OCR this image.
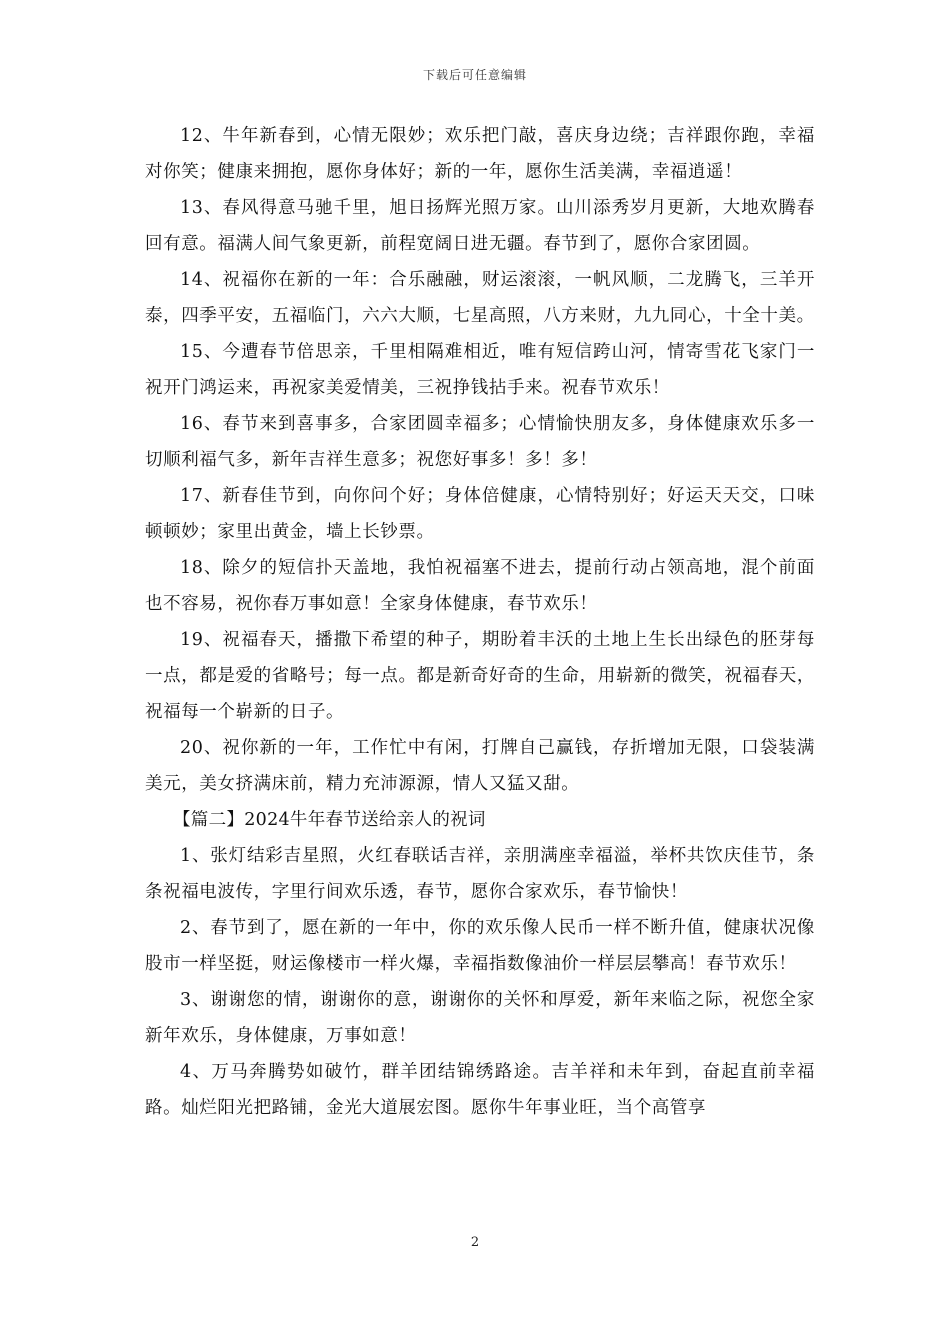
下载后可任意编辑

12、牛年新春到，心情无限妙；欢乐把门敲，喜庆身边绕；吉祥跟你跑，幸福对你笑；健康来拥抱，愿你身体好；新的一年，愿你生活美满，幸福逍遥！

13、春风得意马驰千里，旭日扬辉光照万家。山川添秀岁月更新，大地欢腾春回有意。福满人间气象更新，前程宽阔日进无疆。春节到了，愿你合家团圆。

14、祝福你在新的一年：合乐融融，财运滚滚，一帆风顺，二龙腾飞，三羊开泰，四季平安，五福临门，六六大顺，七星高照，八方来财，九九同心，十全十美。

15、今遭春节倍思亲，千里相隔难相近，唯有短信跨山河，情寄雪花飞家门一祝开门鸿运来，再祝家美爱情美，三祝挣钱拈手来。祝春节欢乐！

16、春节来到喜事多，合家团圆幸福多；心情愉快朋友多，身体健康欢乐多一切顺利福气多，新年吉祥生意多；祝您好事多！多！多！

17、新春佳节到，向你问个好；身体倍健康，心情特别好；好运天天交，口味顿顿妙；家里出黄金，墙上长钞票。

18、除夕的短信扑天盖地，我怕祝福塞不进去，提前行动占领高地，混个前面也不容易，祝你春万事如意！全家身体健康，春节欢乐！

19、祝福春天，播撒下希望的种子，期盼着丰沃的土地上生长出绿色的胚芽每一点，都是爱的省略号；每一点。都是新奇好奇的生命，用崭新的微笑，祝福春天，祝福每一个崭新的日子。

20、祝你新的一年，工作忙中有闲，打牌自己赢钱，存折增加无限，口袋装满美元，美女挤满床前，精力充沛源源，情人又猛又甜。

【篇二】2024牛年春节送给亲人的祝词

1、张灯结彩吉星照，火红春联话吉祥，亲朋满座幸福溢，举杯共饮庆佳节，条条祝福电波传，字里行间欢乐透，春节，愿你合家欢乐，春节愉快！

2、春节到了，愿在新的一年中，你的欢乐像人民币一样不断升值，健康状况像股市一样坚挺，财运像楼市一样火爆，幸福指数像油价一样层层攀高！春节欢乐！

3、谢谢您的情，谢谢你的意，谢谢你的关怀和厚爱，新年来临之际，祝您全家新年欢乐，身体健康，万事如意！

4、万马奔腾势如破竹，群羊团结锦绣路途。吉羊祥和未年到，奋起直前幸福路。灿烂阳光把路铺，金光大道展宏图。愿你牛年事业旺，当个高管享

2
